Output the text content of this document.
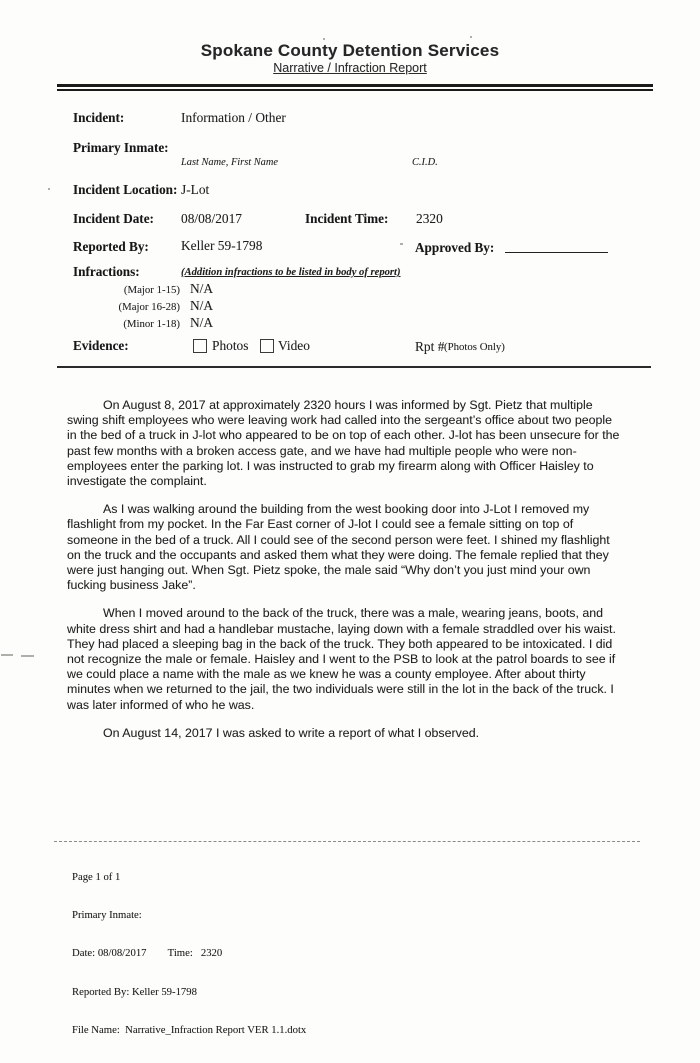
Spokane County Detention Services
Narrative / Infraction Report
Incident:	Information / Other
Primary Inmate:
Last Name, First Name	C.I.D.
Incident Location: J-Lot
Incident Date: 08/08/2017	Incident Time: 2320
Reported By: Keller 59-1798	Approved By:
Infractions:	(Addition infractions to be listed in body of report)
(Major 1-15) N/A
(Major 16-28) N/A
(Minor 1-18) N/A
Evidence:	Photos Video	Rpt # (Photos Only)

On August 8, 2017 at approximately 2320 hours I was informed by Sgt. Pietz that multiple swing shift employees who were leaving work had called into the sergeant’s office about two people in the bed of a truck in J-lot who appeared to be on top of each other. J-lot has been unsecure for the past few months with a broken access gate, and we have had multiple people who were non-employees enter the parking lot. I was instructed to grab my firearm along with Officer Haisley to investigate the complaint.

As I was walking around the building from the west booking door into J-Lot I removed my flashlight from my pocket. In the Far East corner of J-lot I could see a female sitting on top of someone in the bed of a truck. All I could see of the second person were feet. I shined my flashlight on the truck and the occupants and asked them what they were doing. The female replied that they were just hanging out. When Sgt. Pietz spoke, the male said “Why don’t you just mind your own fucking business Jake”.

When I moved around to the back of the truck, there was a male, wearing jeans, boots, and white dress shirt and had a handlebar mustache, laying down with a female straddled over his waist. They had placed a sleeping bag in the back of the truck. They both appeared to be intoxicated. I did not recognize the male or female. Haisley and I went to the PSB to look at the patrol boards to see if we could place a name with the male as we knew he was a county employee. After about thirty minutes when we returned to the jail, the two individuals were still in the lot in the back of the truck. I was later informed of who he was.

On August 14, 2017 I was asked to write a report of what I observed.

Page 1 of 1

Primary Inmate:

Date: 08/08/2017        Time:   2320

Reported By: Keller 59-1798

File Name:  Narrative_Infraction Report VER 1.1.dotx
